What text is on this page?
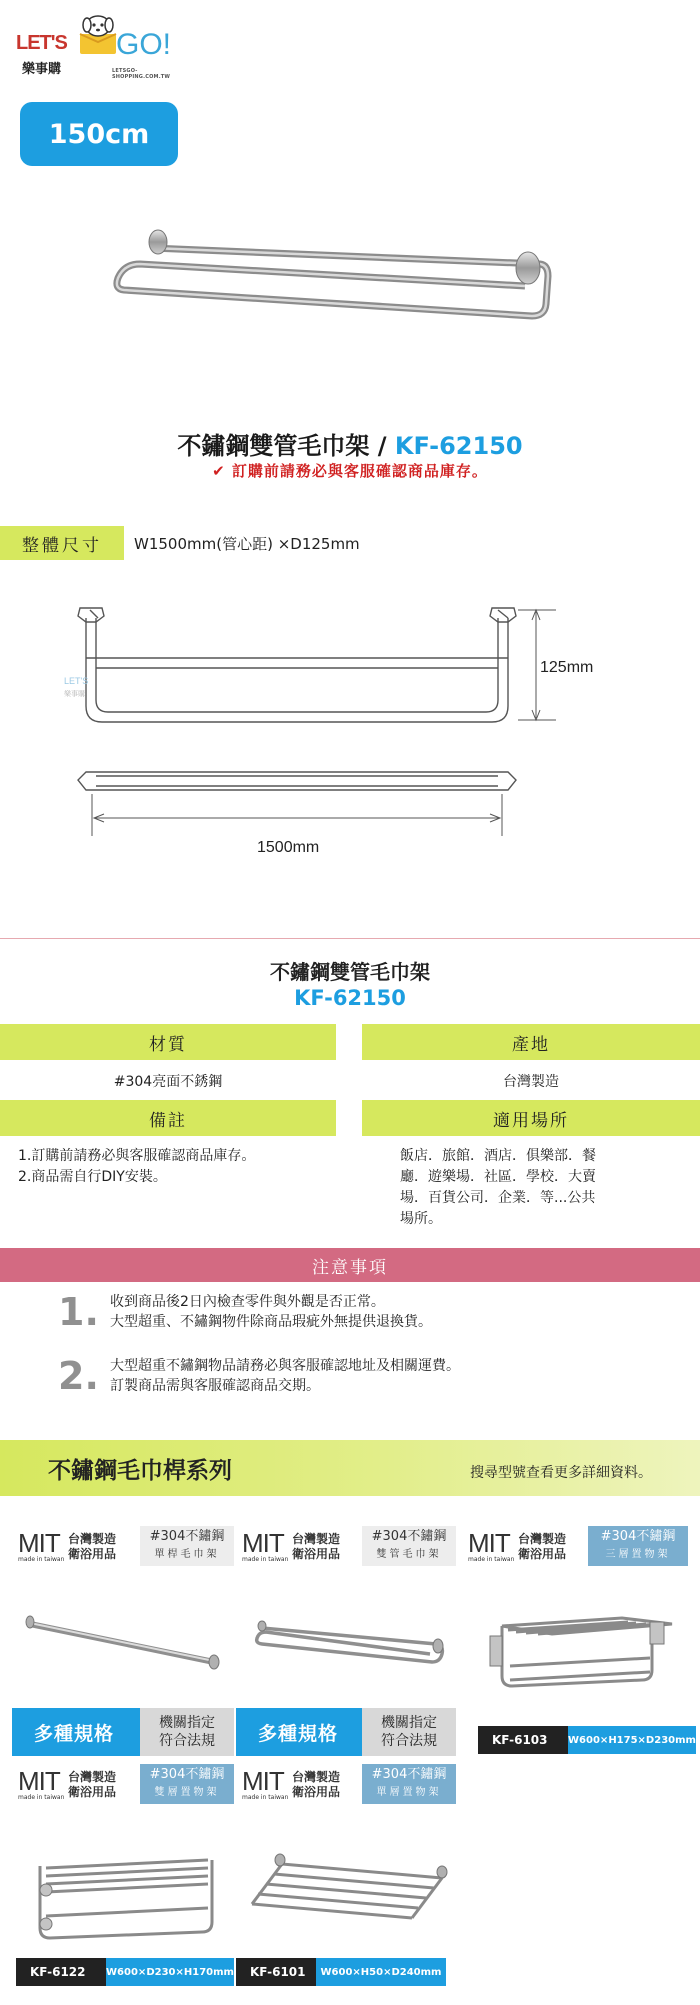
LET'S GO!
樂事購	LETSGO-SHOPPING.COM.TW
150cm
不鏽鋼雙管毛巾架 / KF-62150
✔ 訂購前請務必與客服確認商品庫存。
整體尺寸	W1500mm(管心距) ×D125mm
LET'S
樂事購
125mm
1500mm
不鏽鋼雙管毛巾架
KF-62150
材質	產地
#304亮面不銹鋼	台灣製造
備註	適用場所
1.訂購前請務必與客服確認商品庫存。
2.商品需自行DIY安裝。
飯店．旅館．酒店．俱樂部．餐
廳．遊樂場．社區．學校．大賣
場．百貨公司．企業．等...公共
場所。
注意事項
1. 收到商品後2日內檢查零件與外觀是否正常。
大型超重、不鏽鋼物件除商品瑕疵外無提供退換貨。
2. 大型超重不鏽鋼物品請務必與客服確認地址及相關運費。
訂製商品需與客服確認商品交期。
不鏽鋼毛巾桿系列	搜尋型號查看更多詳細資料。
MIT
made in taiwan
台灣製造
衛浴用品
#304不鏽鋼
單桿毛巾架
多種規格	機關指定
符合法規
MIT
made in taiwan
台灣製造
衛浴用品
#304不鏽鋼
雙管毛巾架
多種規格	機關指定
符合法規
MIT
made in taiwan
台灣製造
衛浴用品
#304不鏽鋼
三層置物架
KF-6103	W600×H175×D230mm
MIT
made in taiwan
台灣製造
衛浴用品
#304不鏽鋼
雙層置物架
KF-6122	W600×D230×H170mm
MIT
made in taiwan
台灣製造
衛浴用品
#304不鏽鋼
單層置物架
KF-6101	W600×H50×D240mm
